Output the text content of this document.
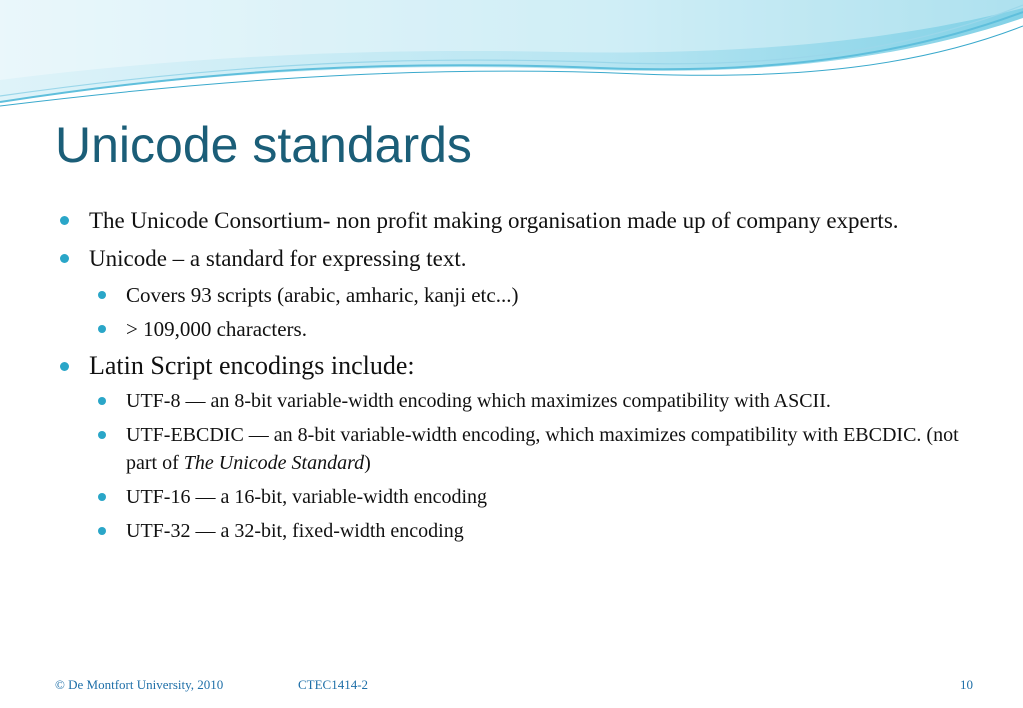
Unicode standards
The Unicode Consortium- non profit making organisation made up of company experts.
Unicode – a standard for expressing text.
Covers 93 scripts (arabic, amharic, kanji etc...)
> 109,000 characters.
Latin Script encodings include:
UTF-8 — an 8-bit variable-width encoding which maximizes compatibility with ASCII.
UTF-EBCDIC — an 8-bit variable-width encoding, which maximizes compatibility with EBCDIC. (not part of The Unicode Standard)
UTF-16 — a 16-bit, variable-width encoding
UTF-32 — a 32-bit, fixed-width encoding
© De Montfort University, 2010	CTEC1414-2	10
